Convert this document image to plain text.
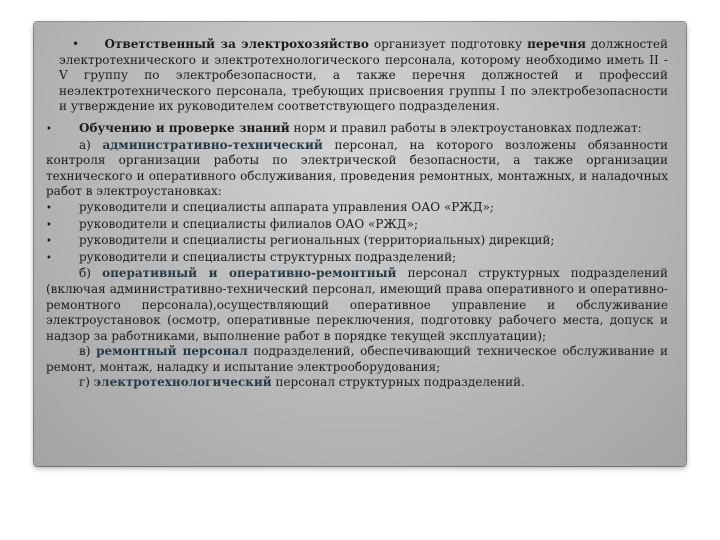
• Ответственный за электрохозяйство организует подготовку перечня должностей электротехнического и электротехнологического персонала, которому необходимо иметь II - V группу по электробезопасности, а также перечня должностей и профессий неэлектротехнического персонала, требующих присвоения группы I по электробезопасности и утверждение их руководителем соответствующего подразделения.

•	Обучению и проверке знаний норм и правил работы в электроустановках подлежат:

а) административно-технический персонал, на которого возложены обязанности контроля организации работы по электрической безопасности, а также организации технического и оперативного обслуживания, проведения ремонтных, монтажных, и наладочных работ в электроустановках:

•	руководители и специалисты аппарата управления ОАО «РЖД»;
•	руководители и специалисты филиалов ОАО «РЖД»;
•	руководители и специалисты региональных (территориальных) дирекций;
•	руководители и специалисты структурных подразделений;

б) оперативный и оперативно-ремонтный персонал структурных подразделений (включая административно-технический персонал, имеющий права оперативного и оперативно-ремонтного персонала),осуществляющий оперативное управление и обслуживание электроустановок (осмотр, оперативные переключения, подготовку рабочего места, допуск и надзор за работниками, выполнение работ в порядке текущей эксплуатации);

в) ремонтный персонал подразделений, обеспечивающий техническое обслуживание и ремонт, монтаж, наладку и испытание электрооборудования;

г) электротехнологический персонал структурных подразделений.
